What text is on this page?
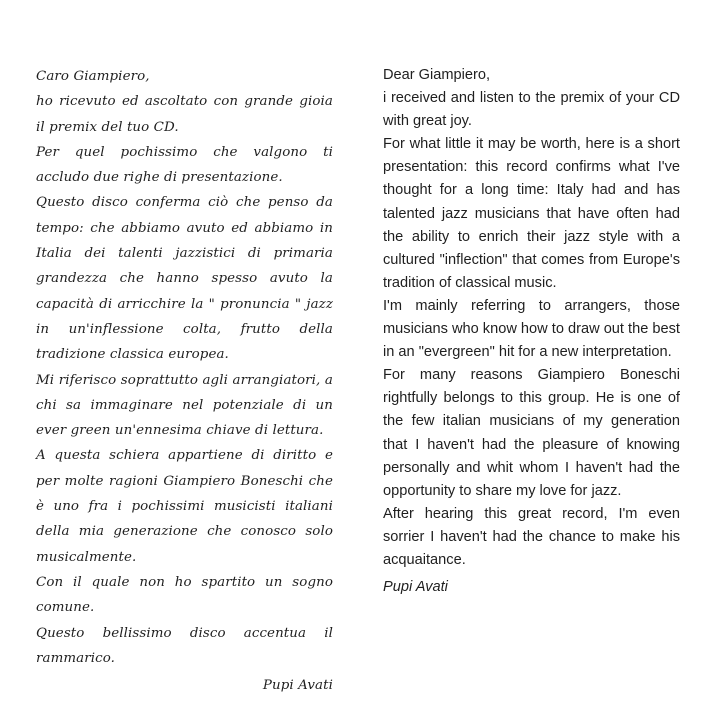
Caro Giampiero,

ho ricevuto ed ascoltato con grande gioia il premix del tuo CD.

Per quel pochissimo che valgono ti accludo due righe di presentazione.

Questo disco conferma ciò che penso da tempo: che abbiamo avuto ed abbiamo in Italia dei talenti jazzistici di primaria grandezza che hanno spesso avuto la capacità di arricchire la " pronuncia " jazz in un'inflessione colta, frutto della tradizione classica europea.

Mi riferisco soprattutto agli arrangiatori, a chi sa immaginare nel potenziale di un ever green un'ennesima chiave di lettura.

A questa schiera appartiene di diritto e per molte ragioni Giampiero Boneschi che è uno fra i pochissimi musicisti italiani della mia generazione che conosco solo musicalmente.

Con il quale non ho spartito un sogno comune.

Questo bellissimo disco accentua il rammarico.

Pupi Avati

Dear Giampiero,

i received and listen to the premix of your CD with great joy.

For what little it may be worth, here is a short presentation: this record confirms what I've thought for a long time: Italy had and has talented jazz musicians that have often had the ability to enrich their jazz style with a cultured "inflection" that comes from Europe's tradition of classical music.

I'm mainly referring to arrangers, those musicians who know how to draw out the best in an "evergreen" hit for a new interpretation.

For many reasons Giampiero Boneschi rightfully belongs to this group. He is one of the few italian musicians of my generation that I haven't had the pleasure of knowing personally and whit whom I haven't had the opportunity to share my love for jazz.

After hearing this great record, I'm even sorrier I haven't had the chance to make his acquaitance.

Pupi Avati
